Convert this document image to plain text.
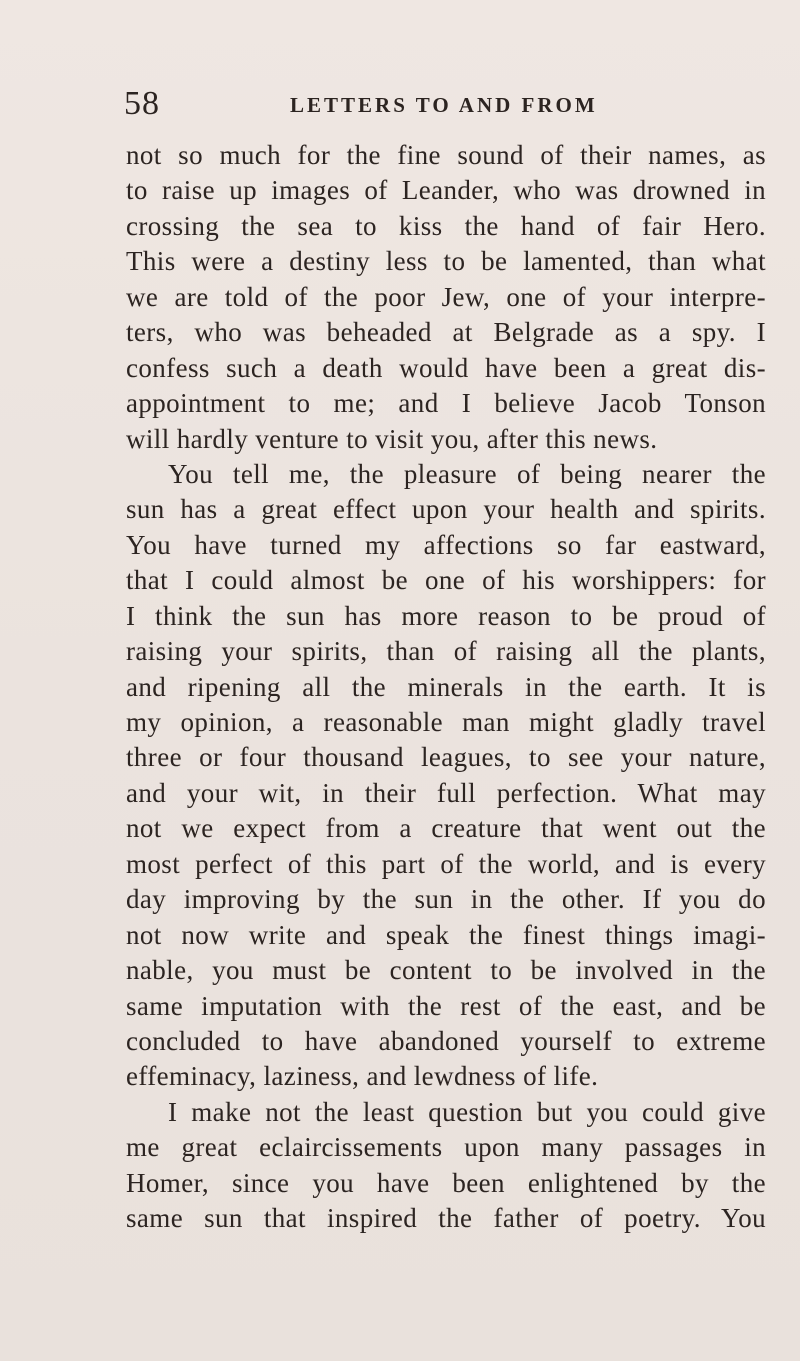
58	LETTERS TO AND FROM
not so much for the fine sound of their names, as
to raise up images of Leander, who was drowned in
crossing the sea to kiss the hand of fair Hero.
This were a destiny less to be lamented, than what
we are told of the poor Jew, one of your interpre-
ters, who was beheaded at Belgrade as a spy. I
confess such a death would have been a great dis-
appointment to me; and I believe Jacob Tonson
will hardly venture to visit you, after this news.
You tell me, the pleasure of being nearer the
sun has a great effect upon your health and spirits.
You have turned my affections so far eastward,
that I could almost be one of his worshippers: for
I think the sun has more reason to be proud of
raising your spirits, than of raising all the plants,
and ripening all the minerals in the earth. It is
my opinion, a reasonable man might gladly travel
three or four thousand leagues, to see your nature,
and your wit, in their full perfection. What may
not we expect from a creature that went out the
most perfect of this part of the world, and is every
day improving by the sun in the other. If you do
not now write and speak the finest things imagi-
nable, you must be content to be involved in the
same imputation with the rest of the east, and be
concluded to have abandoned yourself to extreme
effeminacy, laziness, and lewdness of life.
I make not the least question but you could give
me great eclaircissements upon many passages in
Homer, since you have been enlightened by the
same sun that inspired the father of poetry. You
